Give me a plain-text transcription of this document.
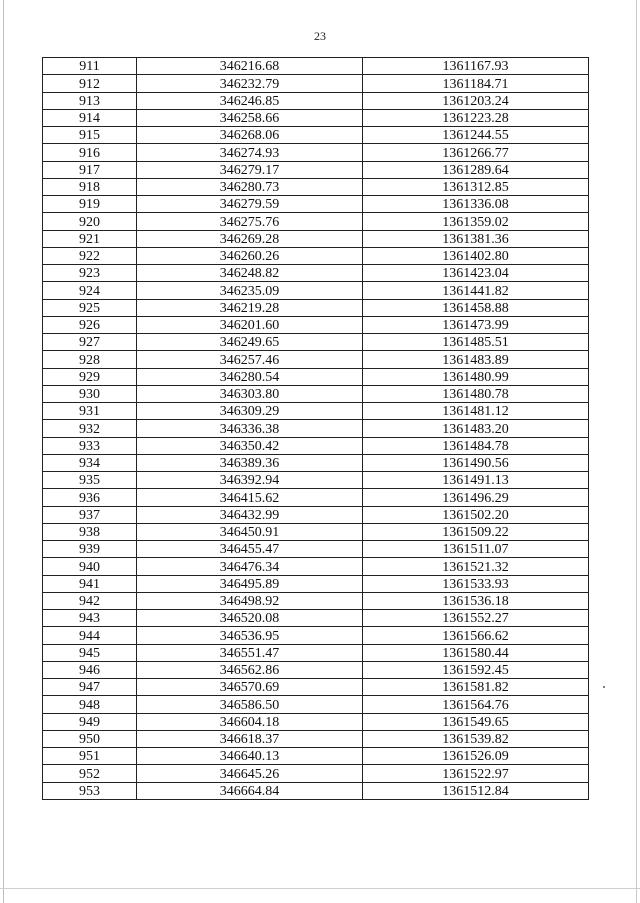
23
911	346216.68	1361167.93
912	346232.79	1361184.71
913	346246.85	1361203.24
914	346258.66	1361223.28
915	346268.06	1361244.55
916	346274.93	1361266.77
917	346279.17	1361289.64
918	346280.73	1361312.85
919	346279.59	1361336.08
920	346275.76	1361359.02
921	346269.28	1361381.36
922	346260.26	1361402.80
923	346248.82	1361423.04
924	346235.09	1361441.82
925	346219.28	1361458.88
926	346201.60	1361473.99
927	346249.65	1361485.51
928	346257.46	1361483.89
929	346280.54	1361480.99
930	346303.80	1361480.78
931	346309.29	1361481.12
932	346336.38	1361483.20
933	346350.42	1361484.78
934	346389.36	1361490.56
935	346392.94	1361491.13
936	346415.62	1361496.29
937	346432.99	1361502.20
938	346450.91	1361509.22
939	346455.47	1361511.07
940	346476.34	1361521.32
941	346495.89	1361533.93
942	346498.92	1361536.18
943	346520.08	1361552.27
944	346536.95	1361566.62
945	346551.47	1361580.44
946	346562.86	1361592.45
947	346570.69	1361581.82
948	346586.50	1361564.76
949	346604.18	1361549.65
950	346618.37	1361539.82
951	346640.13	1361526.09
952	346645.26	1361522.97
953	346664.84	1361512.84
